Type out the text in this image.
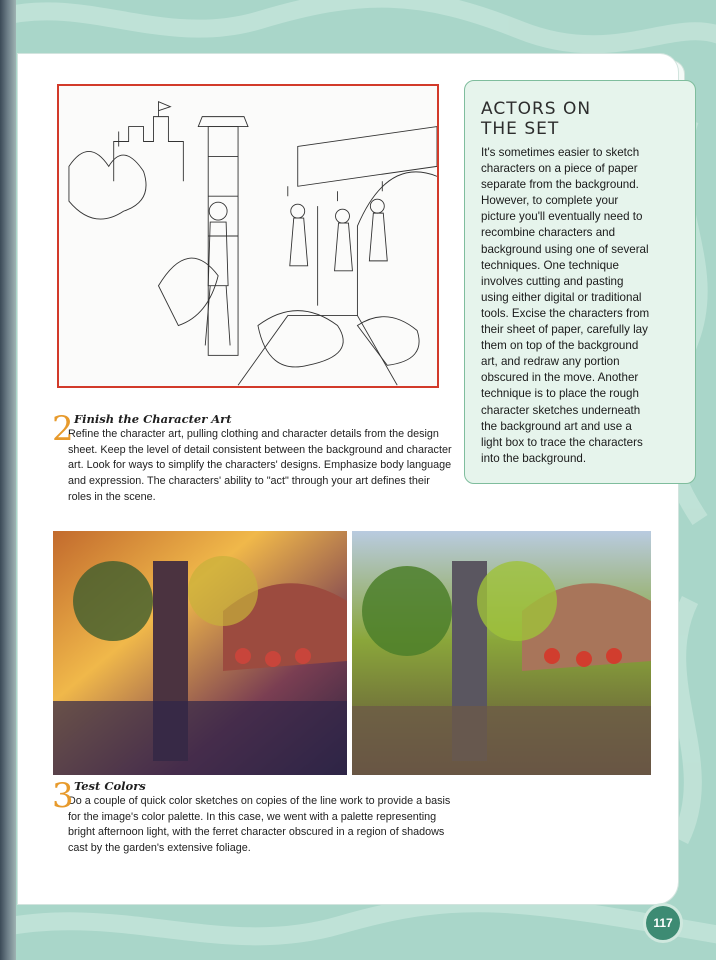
ACTORS ON THE SET
It's sometimes easier to sketch characters on a piece of paper separate from the background. However, to complete your picture you'll eventually need to recombine characters and background using one of several techniques. One technique involves cutting and pasting using either digital or traditional tools. Excise the characters from their sheet of paper, carefully lay them on top of the background art, and redraw any portion obscured in the move. Another technique is to place the rough character sketches underneath the background art and use a light box to trace the characters into the background.
2 Finish the Character Art
Refine the character art, pulling clothing and character details from the design sheet. Keep the level of detail consistent between the background and character art. Look for ways to simplify the characters' designs. Emphasize body language and expression. The characters' ability to "act" through your art defines their roles in the scene.
3 Test Colors
Do a couple of quick color sketches on copies of the line work to provide a basis for the image's color palette. In this case, we went with a palette representing bright afternoon light, with the ferret character obscured in a region of shadows cast by the garden's extensive foliage.
117
